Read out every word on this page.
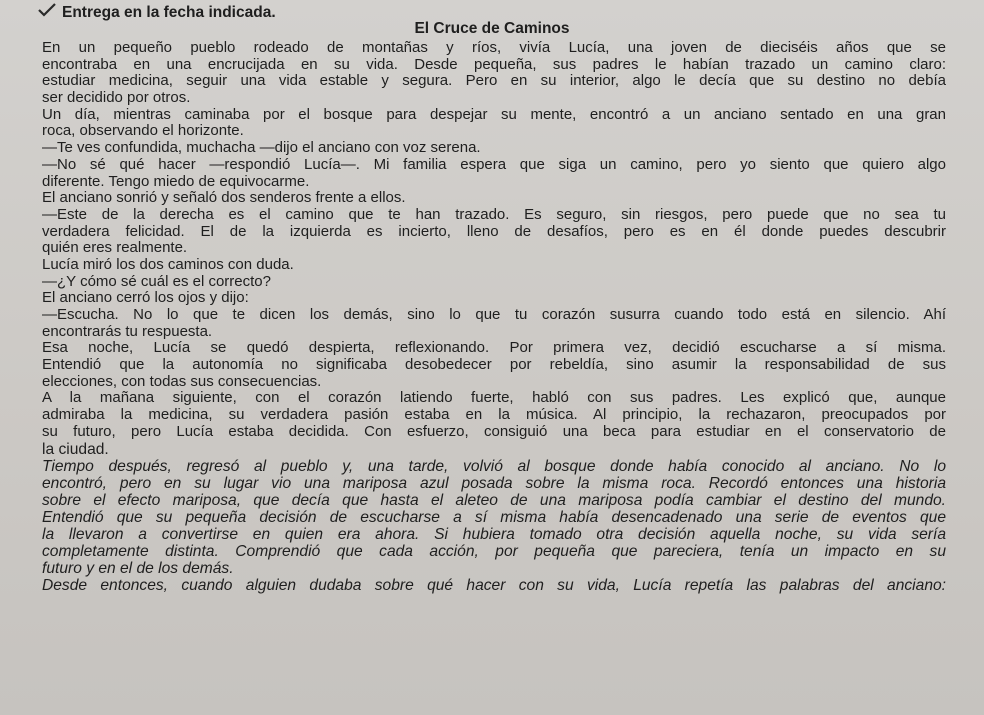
Entrega en la fecha indicada.
El Cruce de Caminos
En un pequeño pueblo rodeado de montañas y ríos, vivía Lucía, una joven de dieciséis años que se
encontraba en una encrucijada en su vida. Desde pequeña, sus padres le habían trazado un camino claro:
estudiar medicina, seguir una vida estable y segura. Pero en su interior, algo le decía que su destino no debía
ser decidido por otros.
Un día, mientras caminaba por el bosque para despejar su mente, encontró a un anciano sentado en una gran
roca, observando el horizonte.
—Te ves confundida, muchacha —dijo el anciano con voz serena.
—No sé qué hacer —respondió Lucía—. Mi familia espera que siga un camino, pero yo siento que quiero algo
diferente. Tengo miedo de equivocarme.
El anciano sonrió y señaló dos senderos frente a ellos.
—Este de la derecha es el camino que te han trazado. Es seguro, sin riesgos, pero puede que no sea tu
verdadera felicidad. El de la izquierda es incierto, lleno de desafíos, pero es en él donde puedes descubrir
quién eres realmente.
Lucía miró los dos caminos con duda.
—¿Y cómo sé cuál es el correcto?
El anciano cerró los ojos y dijo:
—Escucha. No lo que te dicen los demás, sino lo que tu corazón susurra cuando todo está en silencio. Ahí
encontrarás tu respuesta.
Esa noche, Lucía se quedó despierta, reflexionando. Por primera vez, decidió escucharse a sí misma.
Entendió que la autonomía no significaba desobedecer por rebeldía, sino asumir la responsabilidad de sus
elecciones, con todas sus consecuencias.
A la mañana siguiente, con el corazón latiendo fuerte, habló con sus padres. Les explicó que, aunque
admiraba la medicina, su verdadera pasión estaba en la música. Al principio, la rechazaron, preocupados por
su futuro, pero Lucía estaba decidida. Con esfuerzo, consiguió una beca para estudiar en el conservatorio de
la ciudad.
Tiempo después, regresó al pueblo y, una tarde, volvió al bosque donde había conocido al anciano. No lo
encontró, pero en su lugar vio una mariposa azul posada sobre la misma roca. Recordó entonces una historia
sobre el efecto mariposa, que decía que hasta el aleteo de una mariposa podía cambiar el destino del mundo.
Entendió que su pequeña decisión de escucharse a sí misma había desencadenado una serie de eventos que
la llevaron a convertirse en quien era ahora. Si hubiera tomado otra decisión aquella noche, su vida sería
completamente distinta. Comprendió que cada acción, por pequeña que pareciera, tenía un impacto en su
futuro y en el de los demás.
Desde entonces, cuando alguien dudaba sobre qué hacer con su vida, Lucía repetía las palabras del anciano:
